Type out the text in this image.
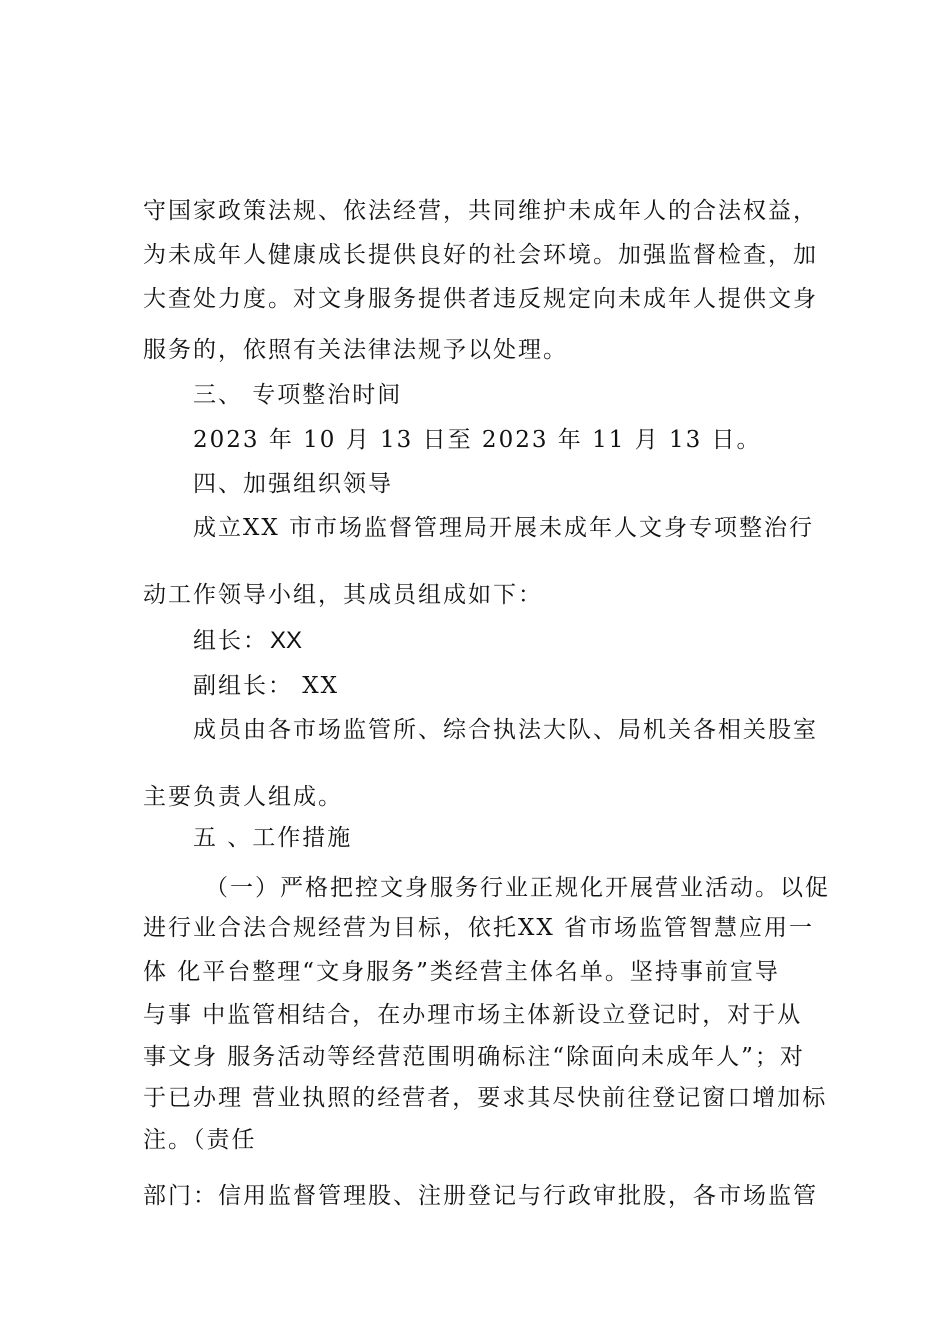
守国家政策法规、依法经营，共同维护未成年人的合法权益，
为未成年人健康成长提供良好的社会环境。加强监督检查，加
大查处力度。对文身服务提供者违反规定向未成年人提供文身
服务的，依照有关法律法规予以处理。
三、 专项整治时间
2023 年 10 月 13 日至 2023 年 11 月 13 日。
四、加强组织领导
成立XX 市市场监督管理局开展未成年人文身专项整治行
动工作领导小组，其成员组成如下：
组长： XX
副组长： XX
成员由各市场监管所、综合执法大队、局机关各相关股室
主要负责人组成。
五 、工作措施
（一）严格把控文身服务行业正规化开展营业活动。以促
进行业合法合规经营为目标，依托XX 省市场监管智慧应用一
体 化平台整理“文身服务”类经营主体名单。坚持事前宣导
与事 中监管相结合，在办理市场主体新设立登记时，对于从
事文身 服务活动等经营范围明确标注“除面向未成年人”；对
于已办理 营业执照的经营者，要求其尽快前往登记窗口增加标
注。（责任
部门：信用监督管理股、注册登记与行政审批股，各市场监管
